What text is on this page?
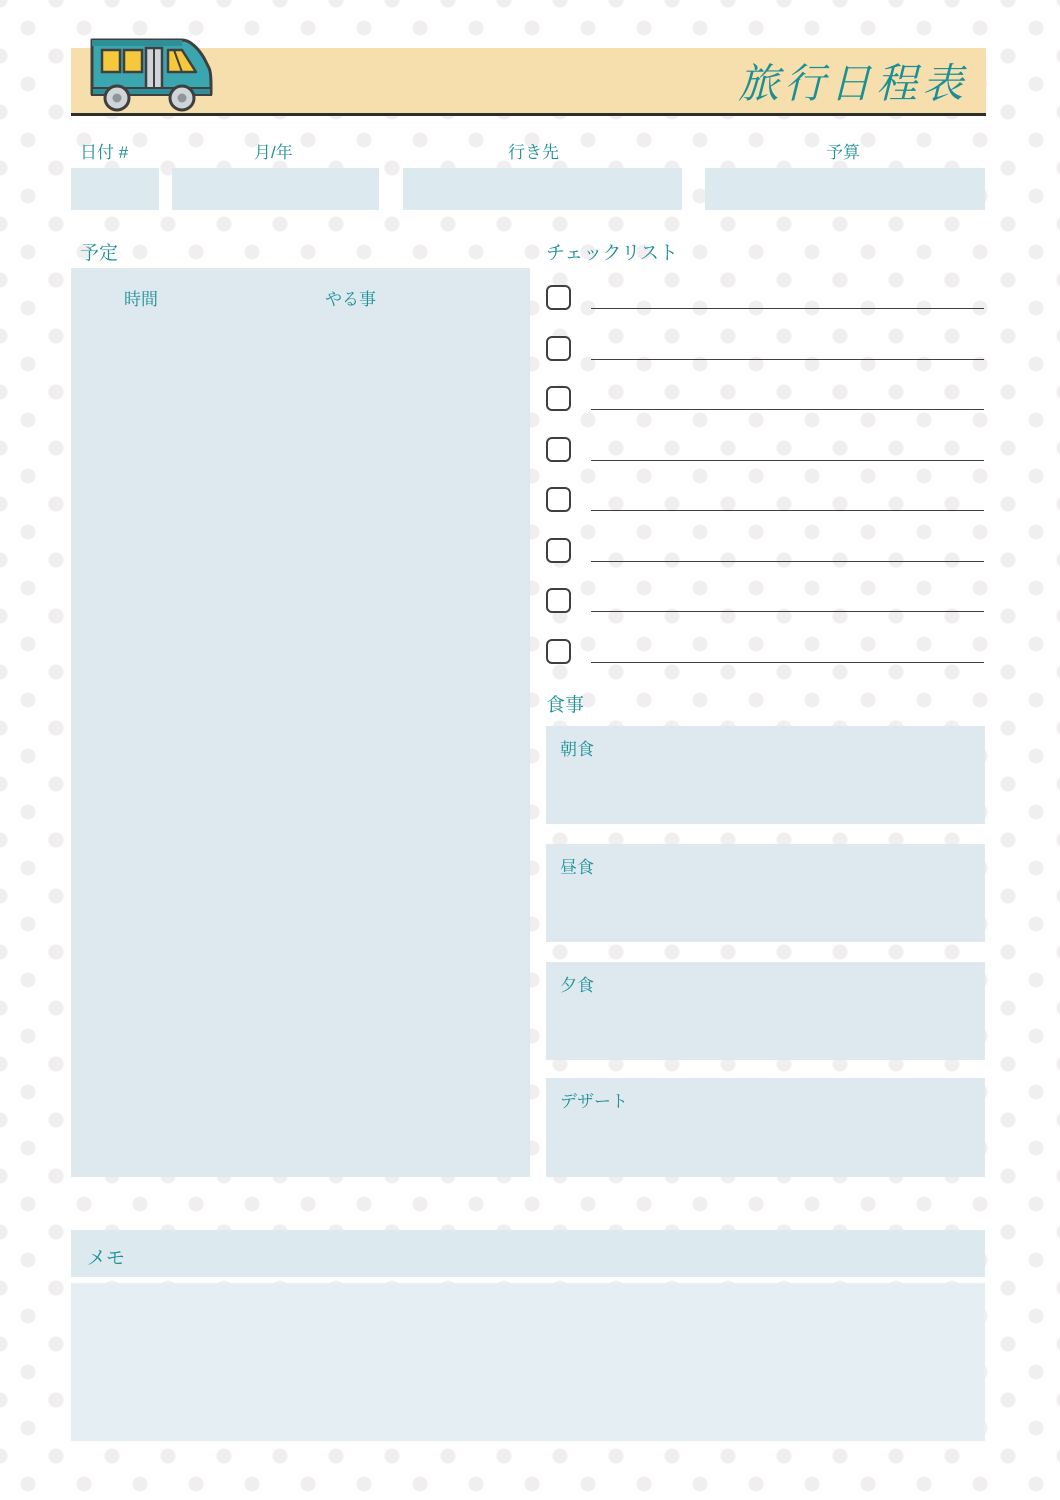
旅行日程表
日付 #	月/年	行き先	予算
予定
時間	やる事
チェックリスト
食事
朝食
昼食
夕食
デザート
メモ
